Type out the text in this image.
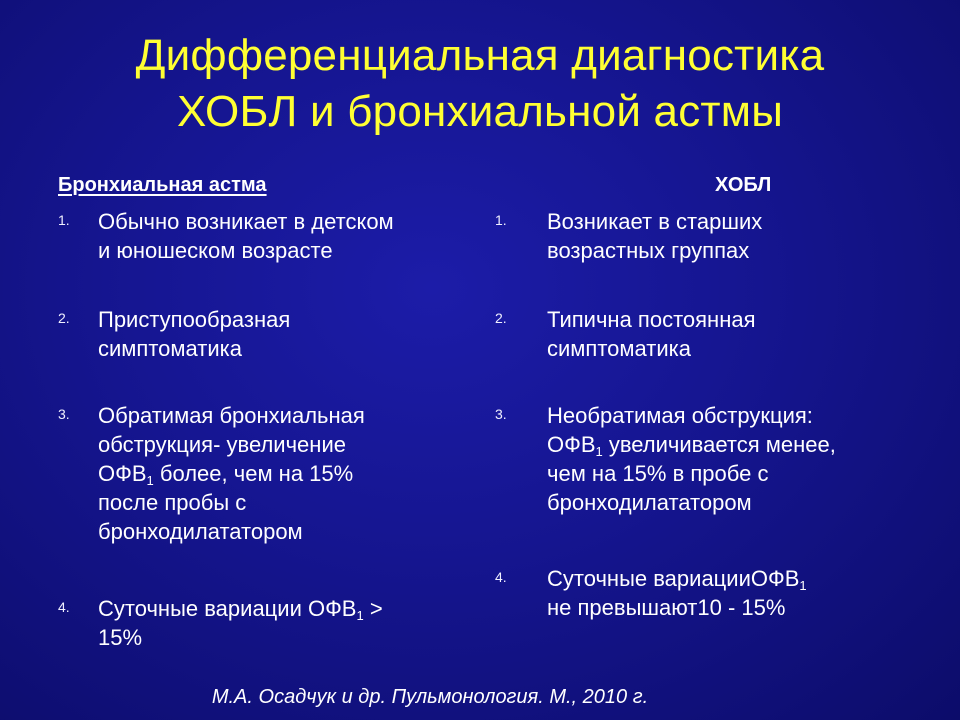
Дифференциальная диагностика
ХОБЛ и бронхиальной астмы
Бронхиальная астма
1. Обычно возникает в детском
и юношеском возрасте
2. Приступообразная
симптоматика
3. Обратимая бронхиальная
обструкция- увеличение
$ОФВ_1$ более, чем на 15%
после пробы с
бронходилататором
4. Суточные вариации $ОФВ_1$ >
15%
ХОБЛ
1. Возникает в старших
возрастных группах
2. Типична постоянная
симптоматика
3. Необратимая обструкция:
$ОФВ_1$ увеличивается менее,
чем на 15% в пробе с
бронходилататором
4. Суточные вариацииОФВ$_1$
не превышают10 - 15%
М.А. Осадчук и др. Пульмонология. М., 2010 г.
